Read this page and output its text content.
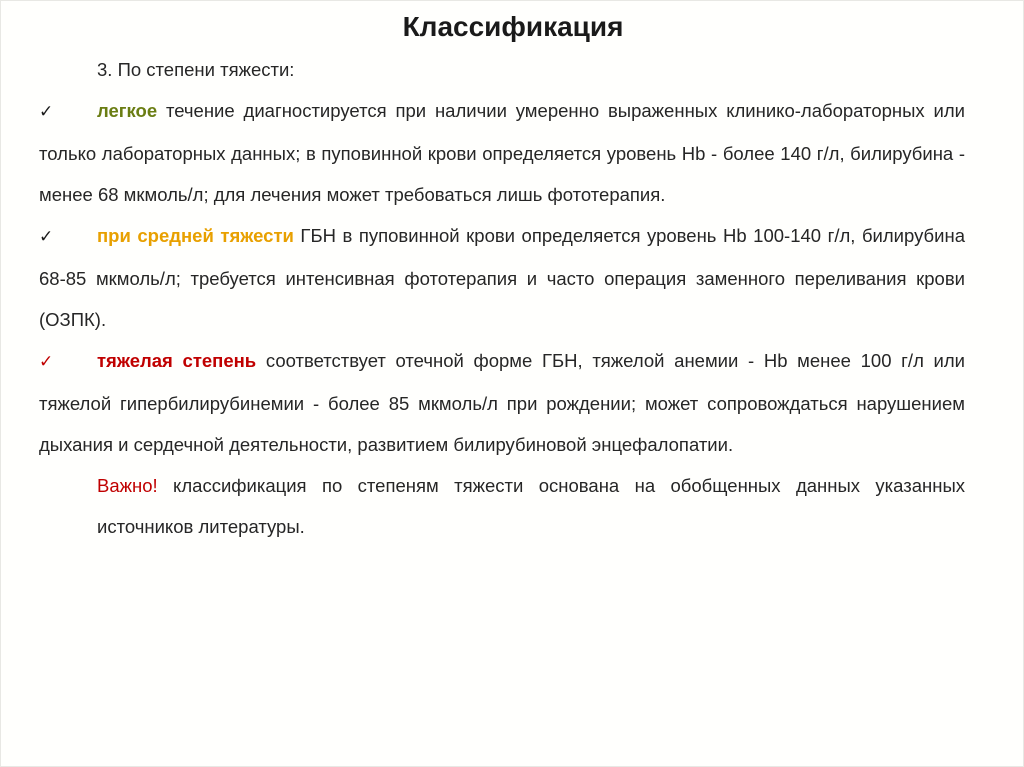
Классификация

3. По степени тяжести:

✓ легкое течение диагностируется при наличии умеренно выраженных клинико-лабораторных или только лабораторных данных; в пуповинной крови определяется уровень Hb - более 140 г/л, билирубина - менее 68 мкмоль/л; для лечения может требоваться лишь фототерапия.

✓ при средней тяжести ГБН в пуповинной крови определяется уровень Hb 100-140 г/л, билирубина 68-85 мкмоль/л; требуется интенсивная фототерапия и часто операция заменного переливания крови (ОЗПК).

✓ тяжелая степень соответствует отечной форме ГБН, тяжелой анемии - Hb менее 100 г/л или тяжелой гипербилирубинемии - более 85 мкмоль/л при рождении; может сопровождаться нарушением дыхания и сердечной деятельности, развитием билирубиновой энцефалопатии.

Важно! классификация по степеням тяжести основана на обобщенных данных указанных источников литературы.
